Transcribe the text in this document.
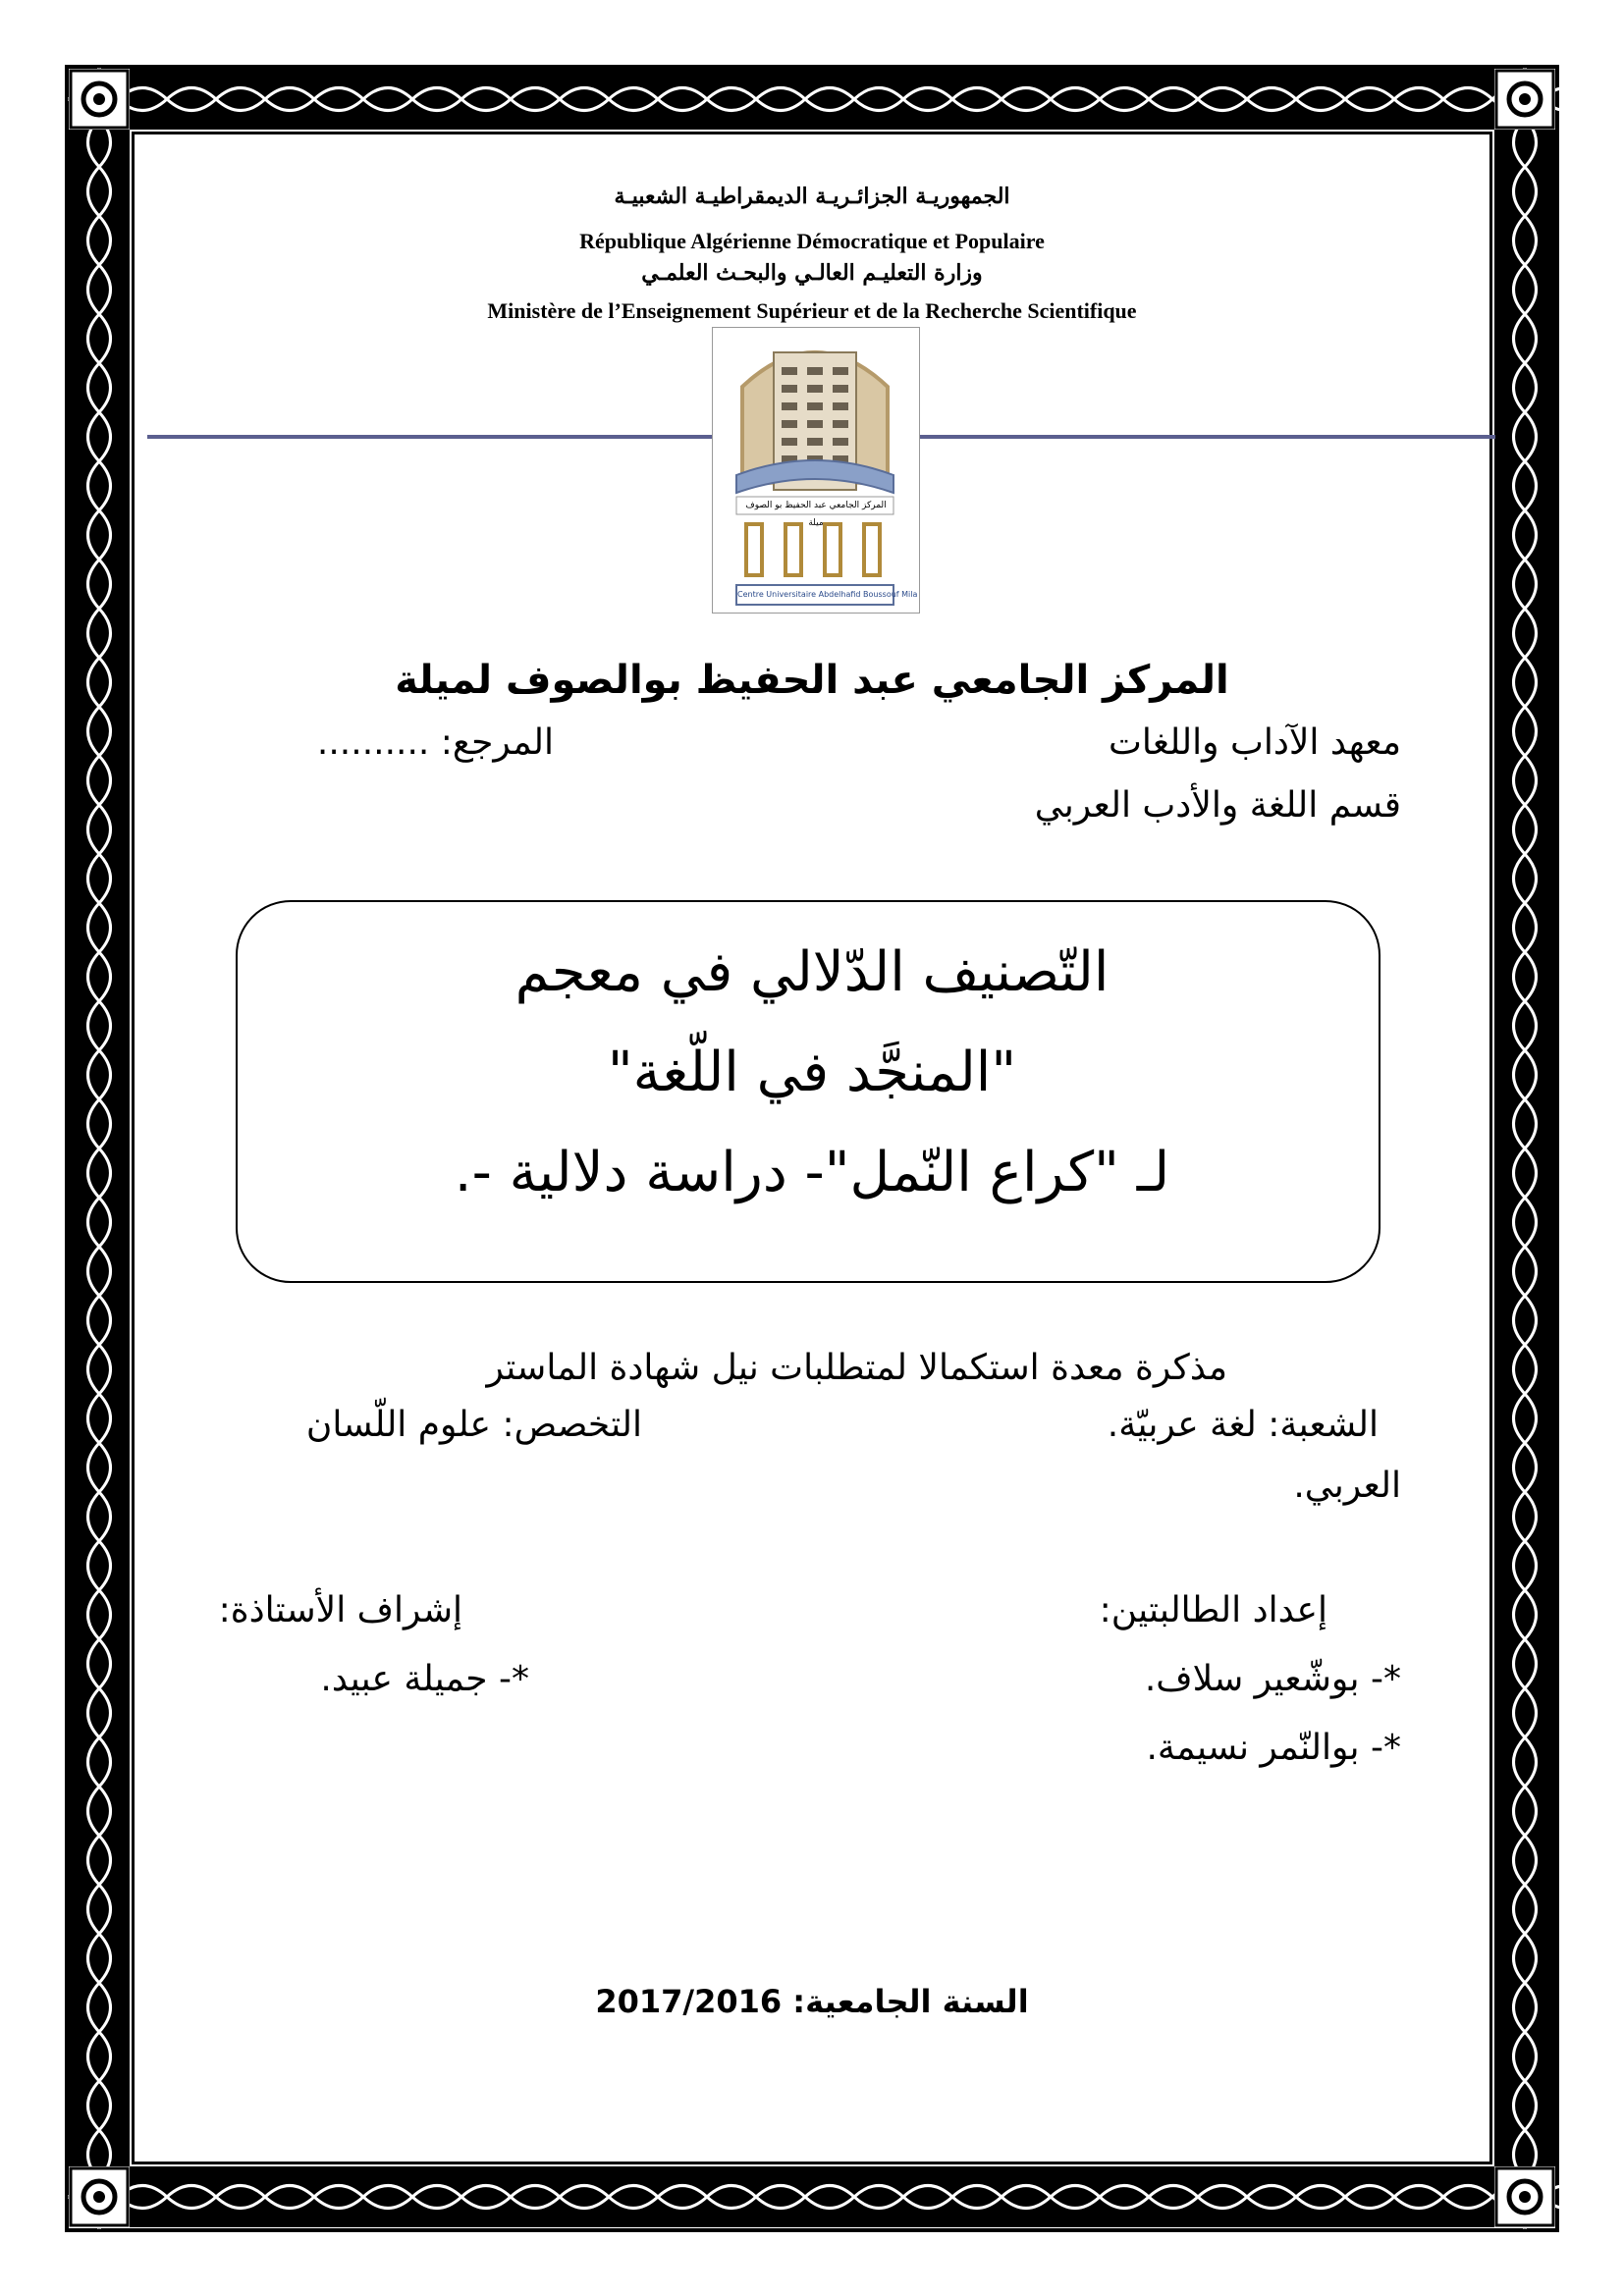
الجمهوريـة الجزائـريـة الديمقراطيـة الشعبيـة
République Algérienne Démocratique et Populaire
وزارة التعليـم العالـي والبحـث العلمـي
Ministère de l’Enseignement Supérieur et de la Recherche Scientifique
المركز الجامعي عبد الحفيظ بو الصوف ميلة
Centre Universitaire Abdelhafid Boussouf Mila
المركز الجامعي عبد الحفيظ بوالصوف لميلة
معهد الآداب واللغات
المرجع: ..........
قسم اللغة والأدب العربي
التّصنيف الدّلالي في معجم
"المنجَّد في اللّغة"
لـ "كراع النّمل"- دراسة دلالية -.
مذكرة معدة استكمالا لمتطلبات نيل شهادة الماستر
الشعبة: لغة عربيّة.
التخصص: علوم اللّسان
العربي.
إعداد الطالبتين:
إشراف الأستاذة:
*- بوشّعير سلاف.
*- جميلة عبيد.
*- بوالنّمر نسيمة.
السنة الجامعية: 2017/2016
